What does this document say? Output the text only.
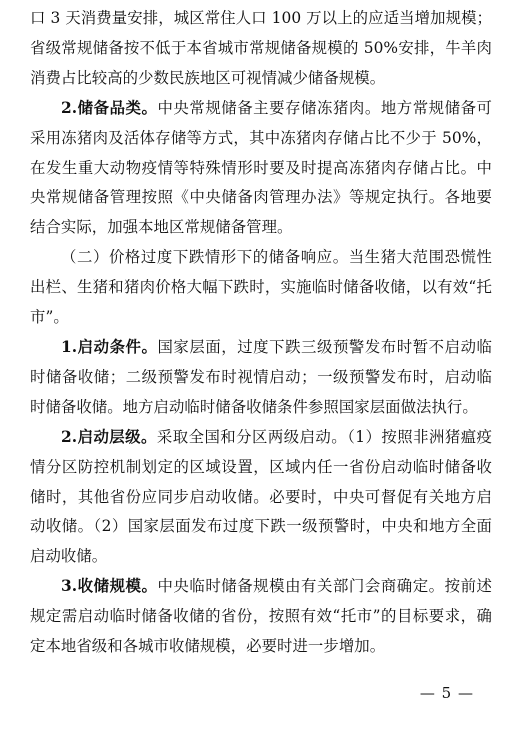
口 3 天消费量安排，城区常住人口 100 万以上的应适当增加规模；省级常规储备按不低于本省城市常规储备规模的 50%安排，牛羊肉消费占比较高的少数民族地区可视情减少储备规模。

2.储备品类。中央常规储备主要存储冻猪肉。地方常规储备可采用冻猪肉及活体存储等方式，其中冻猪肉存储占比不少于 50%，在发生重大动物疫情等特殊情形时要及时提高冻猪肉存储占比。中央常规储备管理按照《中央储备肉管理办法》等规定执行。各地要结合实际，加强本地区常规储备管理。

（二）价格过度下跌情形下的储备响应。当生猪大范围恐慌性出栏、生猪和猪肉价格大幅下跌时，实施临时储备收储，以有效“托市”。

1.启动条件。国家层面，过度下跌三级预警发布时暂不启动临时储备收储；二级预警发布时视情启动；一级预警发布时，启动临时储备收储。地方启动临时储备收储条件参照国家层面做法执行。

2.启动层级。采取全国和分区两级启动。（1）按照非洲猪瘟疫情分区防控机制划定的区域设置，区域内任一省份启动临时储备收储时，其他省份应同步启动收储。必要时，中央可督促有关地方启动收储。（2）国家层面发布过度下跌一级预警时，中央和地方全面启动收储。

3.收储规模。中央临时储备规模由有关部门会商确定。按前述规定需启动临时储备收储的省份，按照有效“托市”的目标要求，确定本地省级和各城市收储规模，必要时进一步增加。

— 5 —
